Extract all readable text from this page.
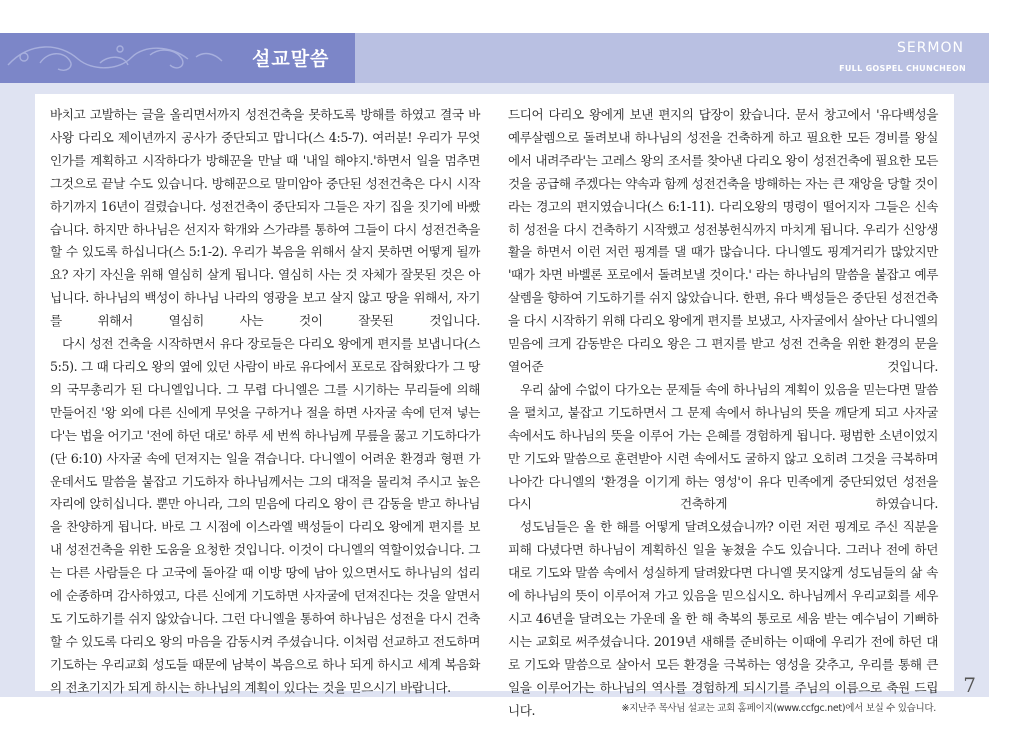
설교말씀	SERMON
FULL GOSPEL CHUNCHEON

바치고 고발하는 글을 올리면서까지 성전건축을 못하도록 방해를 하였고 결국 바사왕 다리오 제이년까지 공사가 중단되고 맙니다(스 4:5-7). 여러분! 우리가 무엇인가를 계획하고 시작하다가 방해꾼을 만날 때 '내일 해야지.'하면서 일을 멈추면 그것으로 끝날 수도 있습니다. 방해꾼으로 말미암아 중단된 성전건축은 다시 시작하기까지 16년이 걸렸습니다. 성전건축이 중단되자 그들은 자기 집을 짓기에 바빴습니다. 하지만 하나님은 선지자 학개와 스가랴를 통하여 그들이 다시 성전건축을 할 수 있도록 하십니다(스 5:1-2). 우리가 복음을 위해서 살지 못하면 어떻게 될까요? 자기 자신을 위해 열심히 살게 됩니다. 열심히 사는 것 자체가 잘못된 것은 아닙니다. 하나님의 백성이 하나님 나라의 영광을 보고 살지 않고 땅을 위해서, 자기를 위해서 열심히 사는 것이 잘못된 것입니다.

다시 성전 건축을 시작하면서 유다 장로들은 다리오 왕에게 편지를 보냅니다(스 5:5). 그 때 다리오 왕의 옆에 있던 사람이 바로 유다에서 포로로 잡혀왔다가 그 땅의 국무총리가 된 다니엘입니다. 그 무렵 다니엘은 그를 시기하는 무리들에 의해 만들어진 '왕 외에 다른 신에게 무엇을 구하거나 절을 하면 사자굴 속에 던져 넣는다'는 법을 어기고 '전에 하던 대로' 하루 세 번씩 하나님께 무릎을 꿇고 기도하다가(단 6:10) 사자굴 속에 던져지는 일을 겪습니다. 다니엘이 어려운 환경과 형편 가운데서도 말씀을 붙잡고 기도하자 하나님께서는 그의 대적을 물리쳐 주시고 높은 자리에 앉히십니다. 뿐만 아니라, 그의 믿음에 다리오 왕이 큰 감동을 받고 하나님을 찬양하게 됩니다. 바로 그 시점에 이스라엘 백성들이 다리오 왕에게 편지를 보내 성전건축을 위한 도움을 요청한 것입니다. 이것이 다니엘의 역할이었습니다. 그는 다른 사람들은 다 고국에 돌아갈 때 이방 땅에 남아 있으면서도 하나님의 섭리에 순종하며 감사하였고, 다른 신에게 기도하면 사자굴에 던져진다는 것을 알면서도 기도하기를 쉬지 않았습니다. 그런 다니엘을 통하여 하나님은 성전을 다시 건축할 수 있도록 다리오 왕의 마음을 감동시켜 주셨습니다. 이처럼 선교하고 전도하며 기도하는 우리교회 성도들 때문에 남북이 복음으로 하나 되게 하시고 세계 복음화의 전초기지가 되게 하시는 하나님의 계획이 있다는 것을 믿으시기 바랍니다.

드디어 다리오 왕에게 보낸 편지의 답장이 왔습니다. 문서 창고에서 '유다백성을 예루살렘으로 돌려보내 하나님의 성전을 건축하게 하고 필요한 모든 경비를 왕실에서 내려주라'는 고레스 왕의 조서를 찾아낸 다리오 왕이 성전건축에 필요한 모든 것을 공급해 주겠다는 약속과 함께 성전건축을 방해하는 자는 큰 재앙을 당할 것이라는 경고의 편지였습니다(스 6:1-11). 다리오왕의 명령이 떨어지자 그들은 신속히 성전을 다시 건축하기 시작했고 성전봉헌식까지 마치게 됩니다. 우리가 신앙생활을 하면서 이런 저런 핑계를 댈 때가 많습니다. 다니엘도 핑계거리가 많았지만 '때가 차면 바벨론 포로에서 돌려보낼 것이다.' 라는 하나님의 말씀을 붙잡고 예루살렘을 향하여 기도하기를 쉬지 않았습니다. 한편, 유다 백성들은 중단된 성전건축을 다시 시작하기 위해 다리오 왕에게 편지를 보냈고, 사자굴에서 살아난 다니엘의 믿음에 크게 감동받은 다리오 왕은 그 편지를 받고 성전 건축을 위한 환경의 문을 열어준 것입니다.

우리 삶에 수없이 다가오는 문제들 속에 하나님의 계획이 있음을 믿는다면 말씀을 펼치고, 붙잡고 기도하면서 그 문제 속에서 하나님의 뜻을 깨닫게 되고 사자굴 속에서도 하나님의 뜻을 이루어 가는 은혜를 경험하게 됩니다. 평범한 소년이었지만 기도와 말씀으로 훈련받아 시련 속에서도 굴하지 않고 오히려 그것을 극복하며 나아간 다니엘의 '환경을 이기게 하는 영성'이 유다 민족에게 중단되었던 성전을 다시 건축하게 하였습니다.

성도님들은 올 한 해를 어떻게 달려오셨습니까? 이런 저런 핑계로 주신 직분을 피해 다녔다면 하나님이 계획하신 일을 놓쳤을 수도 있습니다. 그러나 전에 하던 대로 기도와 말씀 속에서 성실하게 달려왔다면 다니엘 못지않게 성도님들의 삶 속에 하나님의 뜻이 이루어져 가고 있음을 믿으십시오. 하나님께서 우리교회를 세우시고 46년을 달려오는 가운데 올 한 해 축복의 통로로 세움 받는 예수님이 기뻐하시는 교회로 써주셨습니다. 2019년 새해를 준비하는 이때에 우리가 전에 하던 대로 기도와 말씀으로 살아서 모든 환경을 극복하는 영성을 갖추고, 우리를 통해 큰일을 이루어가는 하나님의 역사를 경험하게 되시기를 주님의 이름으로 축원 드립니다.

7
※지난주 목사님 설교는 교회 홈페이지(www.ccfgc.net)에서 보실 수 있습니다.
